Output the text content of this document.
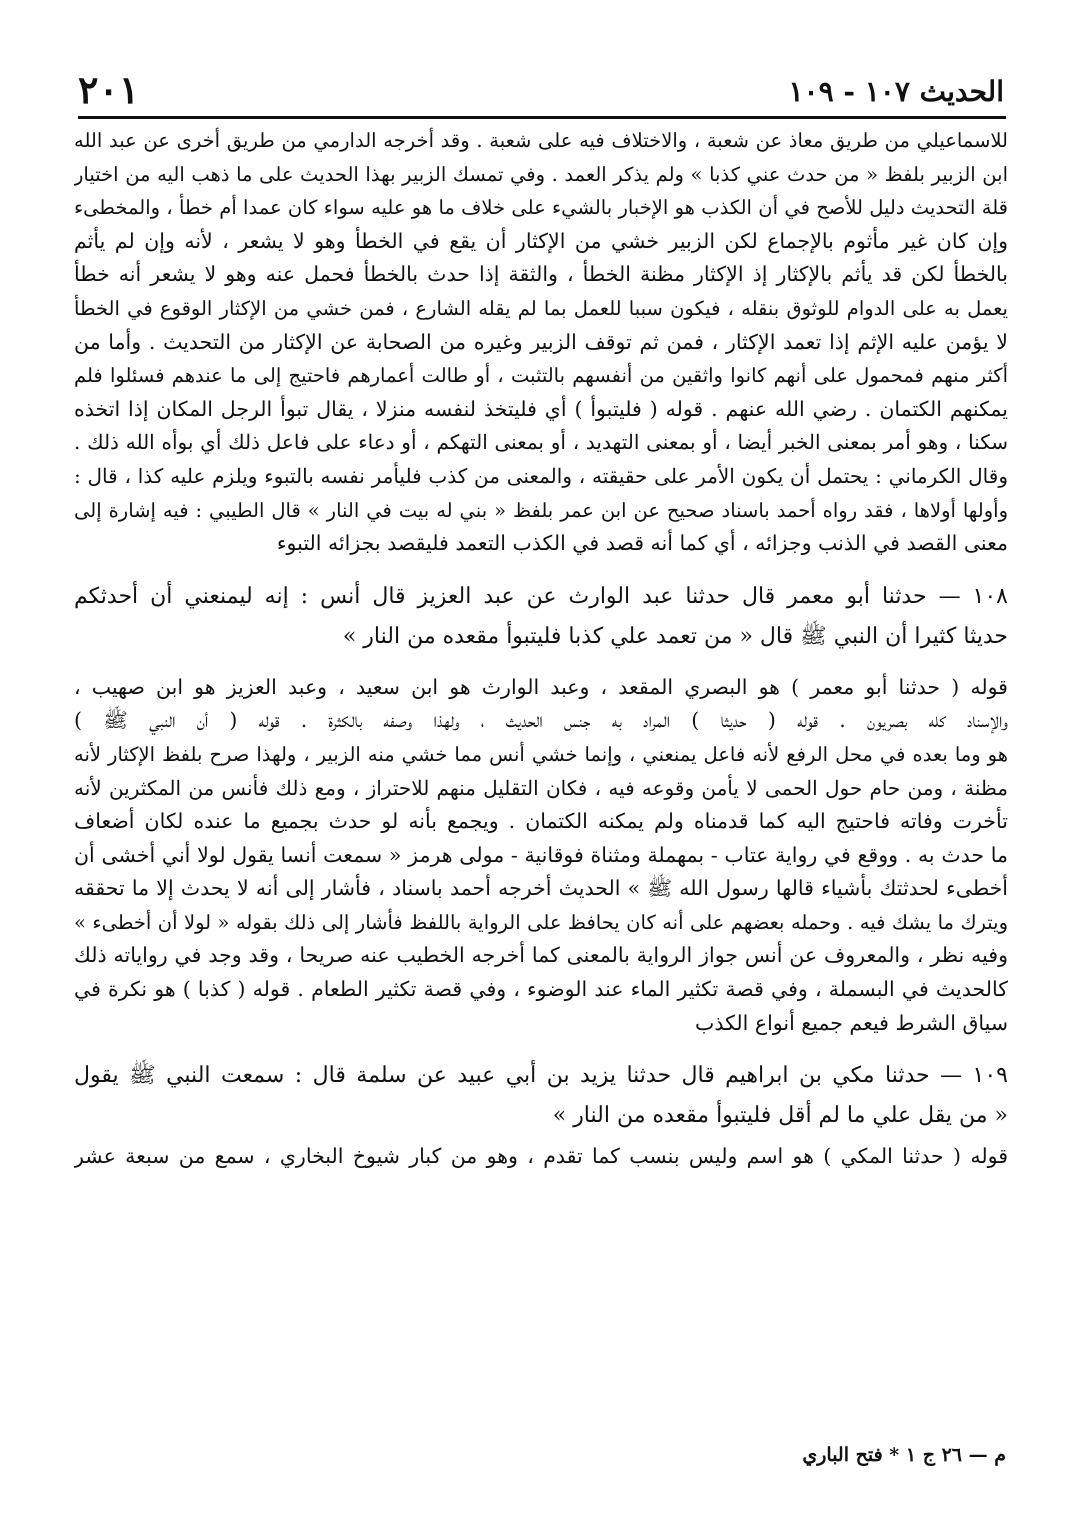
الحديث ١٠٧ - ١٠٩
٢٠١
للاسماعيلي من طريق معاذ عن شعبة ، والاختلاف فيه على شعبة . وقد أخرجه الدارمي من طريق أخرى عن عبد الله
ابن الزبير بلفظ « من حدث عني كذبا » ولم يذكر العمد . وفي تمسك الزبير بهذا الحديث على ما ذهب اليه من اختيار
قلة التحديث دليل للأصح في أن الكذب هو الإخبار بالشيء على خلاف ما هو عليه سواء كان عمدا أم خطأ ، والمخطىء
وإن كان غير مأثوم بالإجماع لكن الزبير خشي من الإكثار أن يقع في الخطأ وهو لا يشعر ، لأنه وإن لم يأثم
بالخطأ لكن قد يأثم بالإكثار إذ الإكثار مظنة الخطأ ، والثقة إذا حدث بالخطأ فحمل عنه وهو لا يشعر أنه خطأ
يعمل به على الدوام للوثوق بنقله ، فيكون سببا للعمل بما لم يقله الشارع ، فمن خشي من الإكثار الوقوع في الخطأ
لا يؤمن عليه الإثم إذا تعمد الإكثار ، فمن ثم توقف الزبير وغيره من الصحابة عن الإكثار من التحديث . وأما من
أكثر منهم فمحمول على أنهم كانوا واثقين من أنفسهم بالتثبت ، أو طالت أعمارهم فاحتيج إلى ما عندهم فسئلوا فلم
يمكنهم الكتمان . رضي الله عنهم . قوله ( فليتبوأ ) أي فليتخذ لنفسه منزلا ، يقال تبوأ الرجل المكان إذا اتخذه
سكنا ، وهو أمر بمعنى الخبر أيضا ، أو بمعنى التهديد ، أو بمعنى التهكم ، أو دعاء على فاعل ذلك أي بوأه الله ذلك .
وقال الكرماني : يحتمل أن يكون الأمر على حقيقته ، والمعنى من كذب فليأمر نفسه بالتبوء ويلزم عليه كذا ، قال :
وأولها أولاها ، فقد رواه أحمد باسناد صحيح عن ابن عمر بلفظ « بني له بيت في النار » قال الطيبي : فيه إشارة إلى
معنى القصد في الذنب وجزائه ، أي كما أنه قصد في الكذب التعمد فليقصد بجزائه التبوء
١٠٨ — حدثنا أبو معمر قال حدثنا عبد الوارث عن عبد العزيز قال أنس : إنه ليمنعني أن أحدثكم
حديثا كثيرا أن النبي ﷺ قال « من تعمد علي كذبا فليتبوأ مقعده من النار »
قوله ( حدثنا أبو معمر ) هو البصري المقعد ، وعبد الوارث هو ابن سعيد ، وعبد العزيز هو ابن صهيب ،
والإسناد كله بصريون . قوله ( حديثا ) المراد به جنس الحديث ، ولهذا وصفه بالكثرة . قوله ( أن النبي ﷺ )
هو وما بعده في محل الرفع لأنه فاعل يمنعني ، وإنما خشي أنس مما خشي منه الزبير ، ولهذا صرح بلفظ الإكثار لأنه
مظنة ، ومن حام حول الحمى لا يأمن وقوعه فيه ، فكان التقليل منهم للاحتراز ، ومع ذلك فأنس من المكثرين لأنه
تأخرت وفاته فاحتيج اليه كما قدمناه ولم يمكنه الكتمان . ويجمع بأنه لو حدث بجميع ما عنده لكان أضعاف
ما حدث به . ووقع في رواية عتاب - بمهملة ومثناة فوقانية - مولى هرمز « سمعت أنسا يقول لولا أني أخشى أن
أخطىء لحدثتك بأشياء قالها رسول الله ﷺ » الحديث أخرجه أحمد باسناد ، فأشار إلى أنه لا يحدث إلا ما تحققه
ويترك ما يشك فيه . وحمله بعضهم على أنه كان يحافظ على الرواية باللفظ فأشار إلى ذلك بقوله « لولا أن أخطىء »
وفيه نظر ، والمعروف عن أنس جواز الرواية بالمعنى كما أخرجه الخطيب عنه صريحا ، وقد وجد في رواياته ذلك
كالحديث في البسملة ، وفي قصة تكثير الماء عند الوضوء ، وفي قصة تكثير الطعام . قوله ( كذبا ) هو نكرة في
سياق الشرط فيعم جميع أنواع الكذب
١٠٩ — حدثنا مكي بن ابراهيم قال حدثنا يزيد بن أبي عبيد عن سلمة قال : سمعت النبي ﷺ يقول
« من يقل علي ما لم أقل فليتبوأ مقعده من النار »
قوله ( حدثنا المكي ) هو اسم وليس بنسب كما تقدم ، وهو من كبار شيوخ البخاري ، سمع من سبعة عشر
م — ٢٦ ج ١ * فتح الباري
